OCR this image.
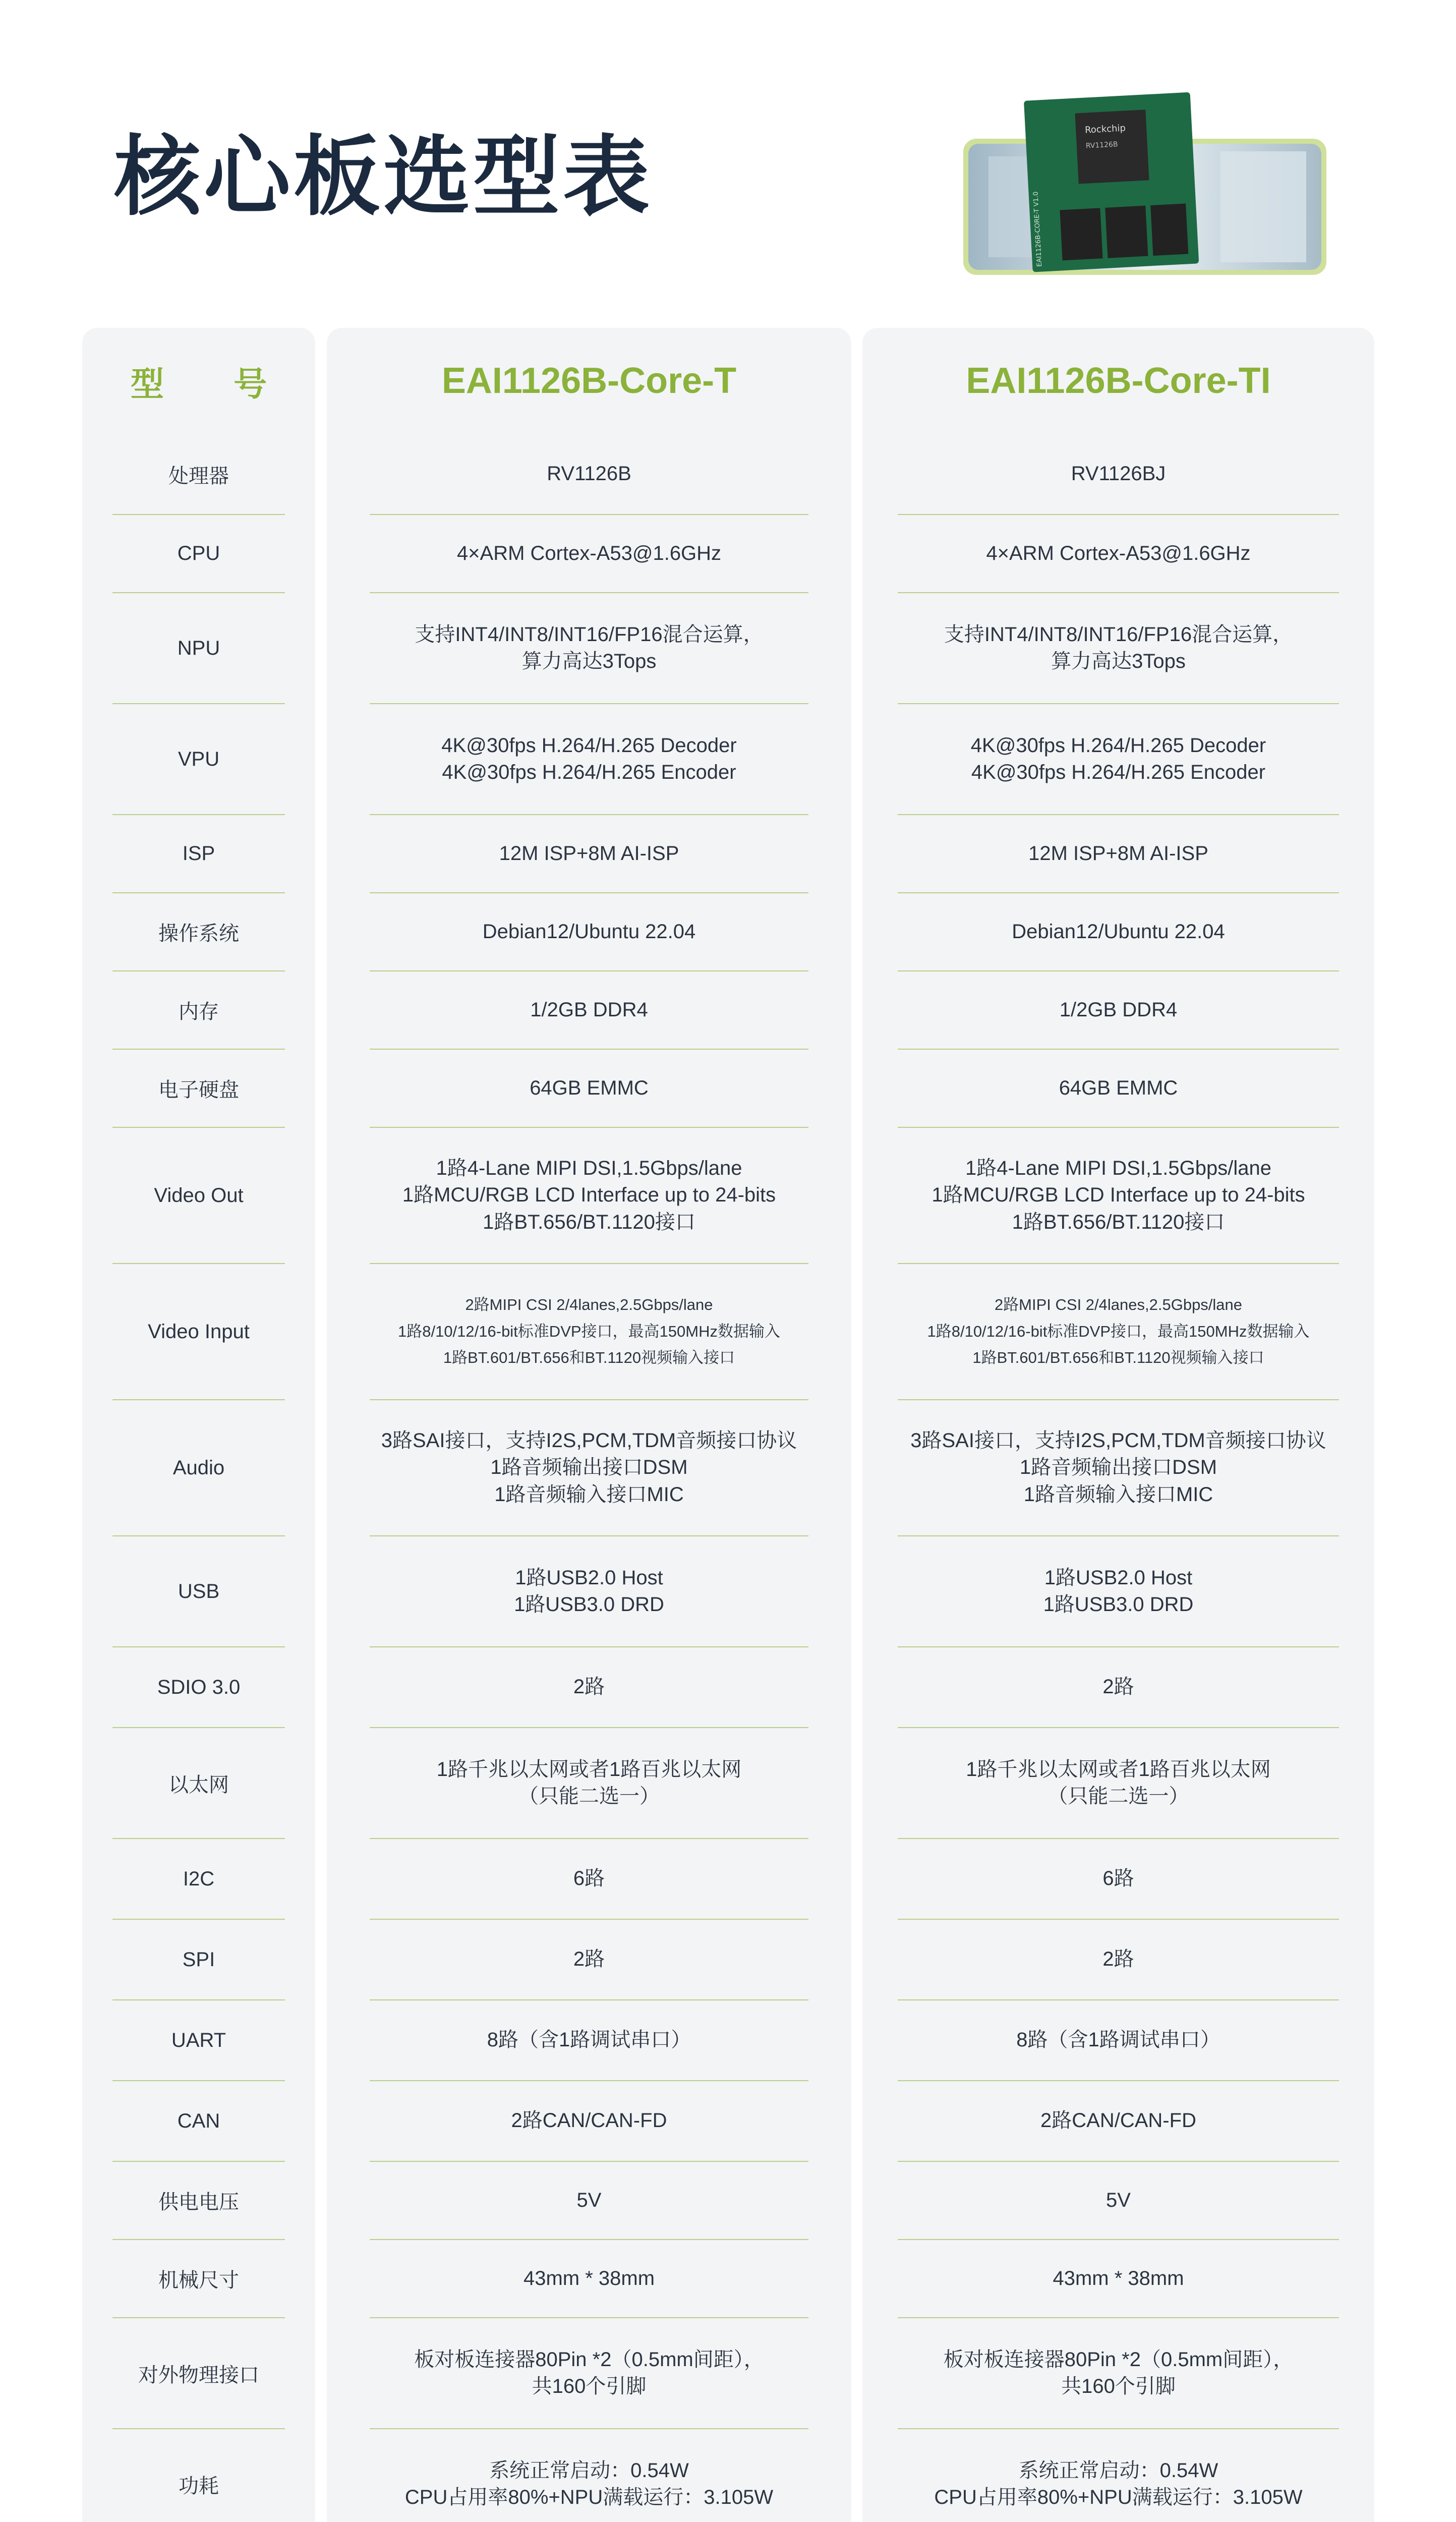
核心板选型表	Rockchip
RV1126B
EAI1126B-CORE-T V1.0
型 号
处理器
CPU
NPU
VPU
ISP
操作系统
内存
电子硬盘
Video Out
Video Input
Audio
USB
SDIO 3.0
以太网
I2C
SPI
UART
CAN
供电电压
机械尺寸
对外物理接口
功耗
EAI1126B-Core-T
RV1126B
4×ARM Cortex-A53@1.6GHz
支持INT4/INT8/INT16/FP16混合运算，
算力高达3Tops
4K@30fps H.264/H.265 Decoder
4K@30fps H.264/H.265 Encoder
12M ISP+8M AI-ISP
Debian12/Ubuntu 22.04
1/2GB DDR4
64GB EMMC
1路4-Lane MIPI DSI,1.5Gbps/lane
1路MCU/RGB LCD Interface up to 24-bits
1路BT.656/BT.1120接口
2路MIPI CSI 2/4lanes,2.5Gbps/lane
1路8/10/12/16-bit标准DVP接口，最高150MHz数据输入
1路BT.601/BT.656和BT.1120视频输入接口
3路SAI接口，支持I2S,PCM,TDM音频接口协议
1路音频输出接口DSM
1路音频输入接口MIC
1路USB2.0 Host
1路USB3.0 DRD
2路
1路千兆以太网或者1路百兆以太网
（只能二选一）
6路
2路
8路（含1路调试串口）
2路CAN/CAN-FD
5V
43mm * 38mm
板对板连接器80Pin *2（0.5mm间距），
共160个引脚
系统正常启动：0.54W
CPU占用率80%+NPU满载运行：3.105W
EAI1126B-Core-TI
RV1126BJ
4×ARM Cortex-A53@1.6GHz
支持INT4/INT8/INT16/FP16混合运算，
算力高达3Tops
4K@30fps H.264/H.265 Decoder
4K@30fps H.264/H.265 Encoder
12M ISP+8M AI-ISP
Debian12/Ubuntu 22.04
1/2GB DDR4
64GB EMMC
1路4-Lane MIPI DSI,1.5Gbps/lane
1路MCU/RGB LCD Interface up to 24-bits
1路BT.656/BT.1120接口
2路MIPI CSI 2/4lanes,2.5Gbps/lane
1路8/10/12/16-bit标准DVP接口，最高150MHz数据输入
1路BT.601/BT.656和BT.1120视频输入接口
3路SAI接口，支持I2S,PCM,TDM音频接口协议
1路音频输出接口DSM
1路音频输入接口MIC
1路USB2.0 Host
1路USB3.0 DRD
2路
1路千兆以太网或者1路百兆以太网
（只能二选一）
6路
2路
8路（含1路调试串口）
2路CAN/CAN-FD
5V
43mm * 38mm
板对板连接器80Pin *2（0.5mm间距），
共160个引脚
系统正常启动：0.54W
CPU占用率80%+NPU满载运行：3.105W
